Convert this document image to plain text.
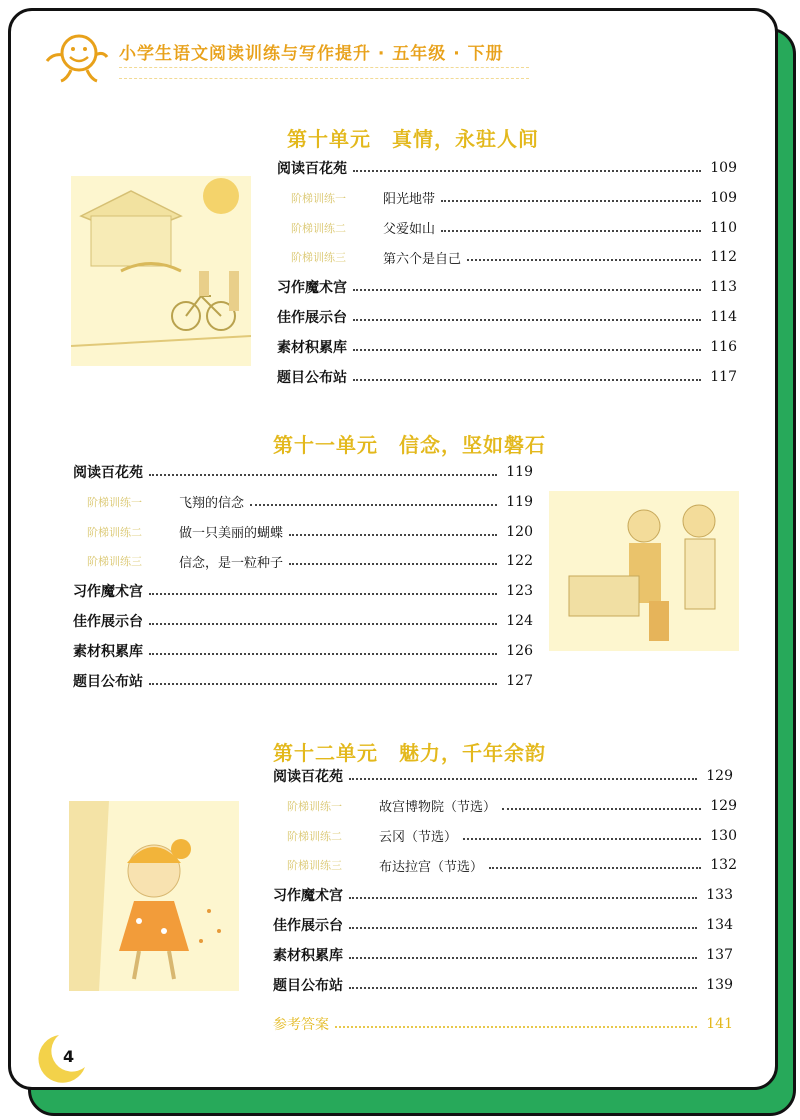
小学生语文阅读训练与写作提升 · 五年级 · 下册
第十单元　真情，永驻人间
阅读百花苑	109
阶梯训练一	阳光地带	109
阶梯训练二	父爱如山	110
阶梯训练三	第六个是自己	112
习作魔术宫	113
佳作展示台	114
素材积累库	116
题目公布站	117
第十一单元　信念，坚如磐石
阅读百花苑	119
阶梯训练一	飞翔的信念	119
阶梯训练二	做一只美丽的蝴蝶	120
阶梯训练三	信念，是一粒种子	122
习作魔术宫	123
佳作展示台	124
素材积累库	126
题目公布站	127
第十二单元　魅力，千年余韵
阅读百花苑	129
阶梯训练一	故宫博物院（节选）	129
阶梯训练二	云冈（节选）	130
阶梯训练三	布达拉宫（节选）	132
习作魔术宫	133
佳作展示台	134
素材积累库	137
题目公布站	139
参考答案	141
4
